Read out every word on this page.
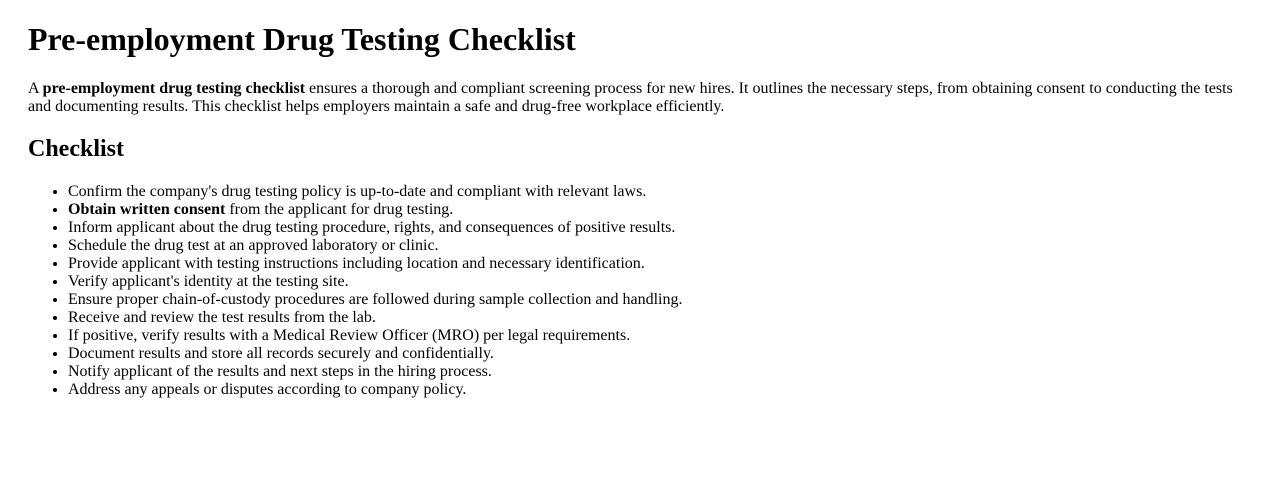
Pre-employment Drug Testing Checklist

A pre-employment drug testing checklist ensures a thorough and compliant screening process for new hires. It outlines the necessary steps, from obtaining consent to conducting the tests and documenting results. This checklist helps employers maintain a safe and drug-free workplace efficiently.

Checklist
• Confirm the company's drug testing policy is up-to-date and compliant with relevant laws.
• Obtain written consent from the applicant for drug testing.
• Inform applicant about the drug testing procedure, rights, and consequences of positive results.
• Schedule the drug test at an approved laboratory or clinic.
• Provide applicant with testing instructions including location and necessary identification.
• Verify applicant's identity at the testing site.
• Ensure proper chain-of-custody procedures are followed during sample collection and handling.
• Receive and review the test results from the lab.
• If positive, verify results with a Medical Review Officer (MRO) per legal requirements.
• Document results and store all records securely and confidentially.
• Notify applicant of the results and next steps in the hiring process.
• Address any appeals or disputes according to company policy.
